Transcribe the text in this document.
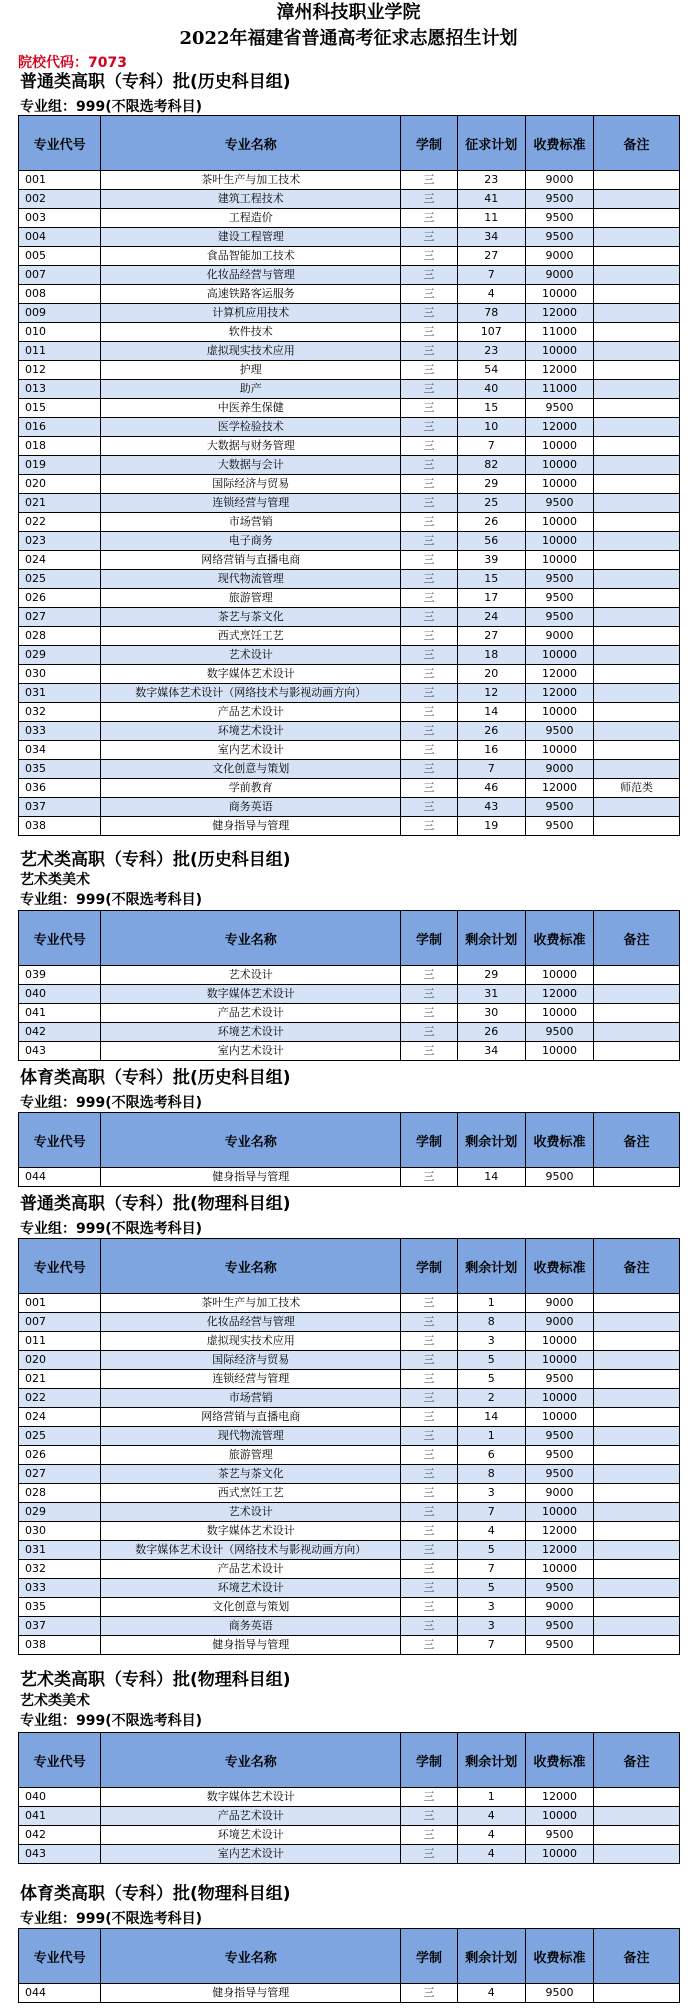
漳州科技职业学院
2022年福建省普通高考征求志愿招生计划
院校代码：7073
普通类高职（专科）批(历史科目组)
专业组：999(不限选考科目)
专业代号	专业名称	学制	征求计划	收费标准	备注
001	茶叶生产与加工技术	三	23	9000	
002	建筑工程技术	三	41	9500	
003	工程造价	三	11	9500	
004	建设工程管理	三	34	9500	
005	食品智能加工技术	三	27	9000	
007	化妆品经营与管理	三	7	9000	
008	高速铁路客运服务	三	4	10000	
009	计算机应用技术	三	78	12000	
010	软件技术	三	107	11000	
011	虚拟现实技术应用	三	23	10000	
012	护理	三	54	12000	
013	助产	三	40	11000	
015	中医养生保健	三	15	9500	
016	医学检验技术	三	10	12000	
018	大数据与财务管理	三	7	10000	
019	大数据与会计	三	82	10000	
020	国际经济与贸易	三	29	10000	
021	连锁经营与管理	三	25	9500	
022	市场营销	三	26	10000	
023	电子商务	三	56	10000	
024	网络营销与直播电商	三	39	10000	
025	现代物流管理	三	15	9500	
026	旅游管理	三	17	9500	
027	茶艺与茶文化	三	24	9500	
028	西式烹饪工艺	三	27	9000	
029	艺术设计	三	18	10000	
030	数字媒体艺术设计	三	20	12000	
031	数字媒体艺术设计（网络技术与影视动画方向）	三	12	12000	
032	产品艺术设计	三	14	10000	
033	环境艺术设计	三	26	9500	
034	室内艺术设计	三	16	10000	
035	文化创意与策划	三	7	9000	
036	学前教育	三	46	12000	师范类
037	商务英语	三	43	9500	
038	健身指导与管理	三	19	9500	
艺术类高职（专科）批(历史科目组)
艺术类美术
专业组：999(不限选考科目)
专业代号	专业名称	学制	剩余计划	收费标准	备注
039	艺术设计	三	29	10000	
040	数字媒体艺术设计	三	31	12000	
041	产品艺术设计	三	30	10000	
042	环境艺术设计	三	26	9500	
043	室内艺术设计	三	34	10000	
体育类高职（专科）批(历史科目组)
专业组：999(不限选考科目)
专业代号	专业名称	学制	剩余计划	收费标准	备注
044	健身指导与管理	三	14	9500	
普通类高职（专科）批(物理科目组)
专业组：999(不限选考科目)
专业代号	专业名称	学制	剩余计划	收费标准	备注
001	茶叶生产与加工技术	三	1	9000	
007	化妆品经营与管理	三	8	9000	
011	虚拟现实技术应用	三	3	10000	
020	国际经济与贸易	三	5	10000	
021	连锁经营与管理	三	5	9500	
022	市场营销	三	2	10000	
024	网络营销与直播电商	三	14	10000	
025	现代物流管理	三	1	9500	
026	旅游管理	三	6	9500	
027	茶艺与茶文化	三	8	9500	
028	西式烹饪工艺	三	3	9000	
029	艺术设计	三	7	10000	
030	数字媒体艺术设计	三	4	12000	
031	数字媒体艺术设计（网络技术与影视动画方向）	三	5	12000	
032	产品艺术设计	三	7	10000	
033	环境艺术设计	三	5	9500	
035	文化创意与策划	三	3	9000	
037	商务英语	三	3	9500	
038	健身指导与管理	三	7	9500	
艺术类高职（专科）批(物理科目组)
艺术类美术
专业组：999(不限选考科目)
专业代号	专业名称	学制	剩余计划	收费标准	备注
040	数字媒体艺术设计	三	1	12000	
041	产品艺术设计	三	4	10000	
042	环境艺术设计	三	4	9500	
043	室内艺术设计	三	4	10000	
体育类高职（专科）批(物理科目组)
专业组：999(不限选考科目)
专业代号	专业名称	学制	剩余计划	收费标准	备注
044	健身指导与管理	三	4	9500	
